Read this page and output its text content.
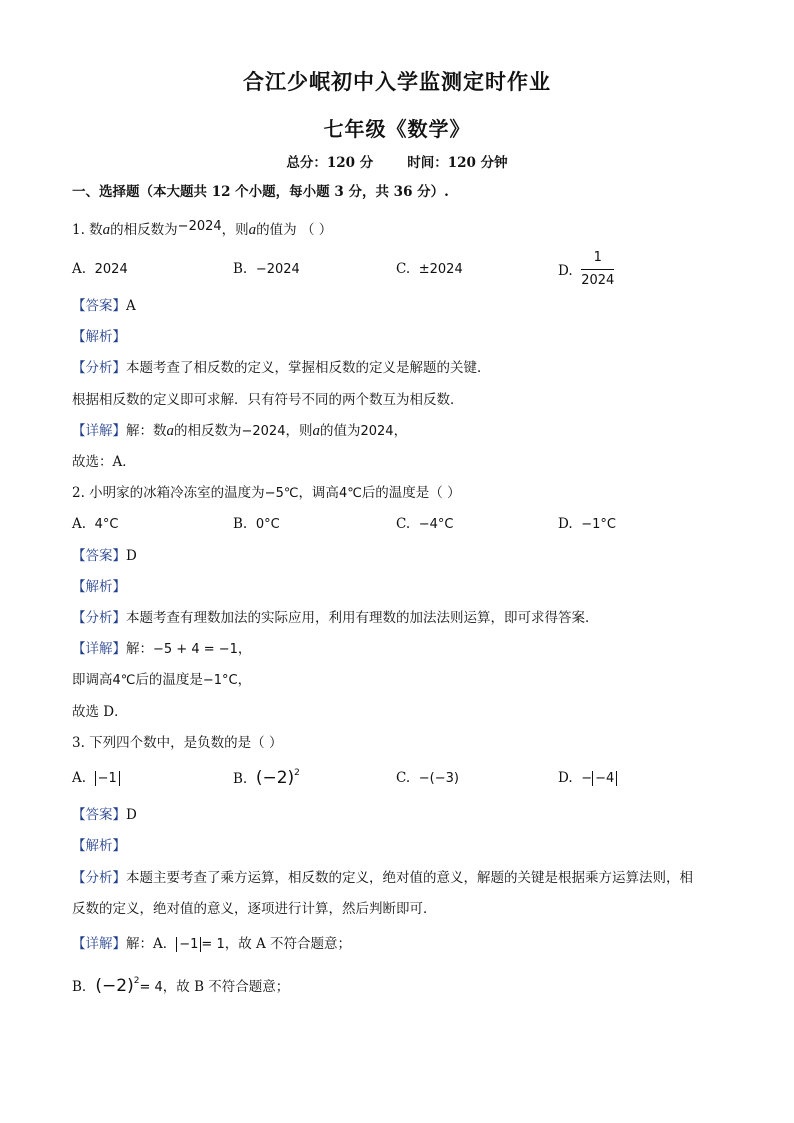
合江少岷初中入学监测定时作业
七年级《数学》
总分：120 分	时间：120 分钟
一、选择题（本大题共 12 个小题，每小题 3 分，共 36 分）.
1. 数a的相反数为−2024，则a的值为 （ ）
A. 2024	B. −2024	C. ±2024	D. $\frac{1}{2024}$
【答案】A
【解析】
【分析】本题考查了相反数的定义，掌握相反数的定义是解题的关键．
根据相反数的定义即可求解．只有符号不同的两个数互为相反数．
【详解】解：数a的相反数为−2024，则a的值为2024，
故选：A．
2. 小明家的冰箱冷冻室的温度为−5℃，调高4℃后的温度是（ ）
A. 4°C	B. 0°C	C. −4°C	D. −1°C
【答案】D
【解析】
【分析】本题考查有理数加法的实际应用，利用有理数的加法法则运算，即可求得答案．
【详解】解：−5 + 4 = −1，
即调高4℃后的温度是−1°C，
故选 D．
3. 下列四个数中，是负数的是（ ）
A. −1	B. $(-2)^2$	C. −(−3)	D. − −4
【答案】D
【解析】
【分析】本题主要考查了乘方运算，相反数的定义，绝对值的意义，解题的关键是根据乘方运算法则，相
反数的定义，绝对值的意义，逐项进行计算，然后判断即可．
【详解】解：A． −1 = 1，故 A 不符合题意；
B．$(-2)^2= 4$，故 B 不符合题意；
